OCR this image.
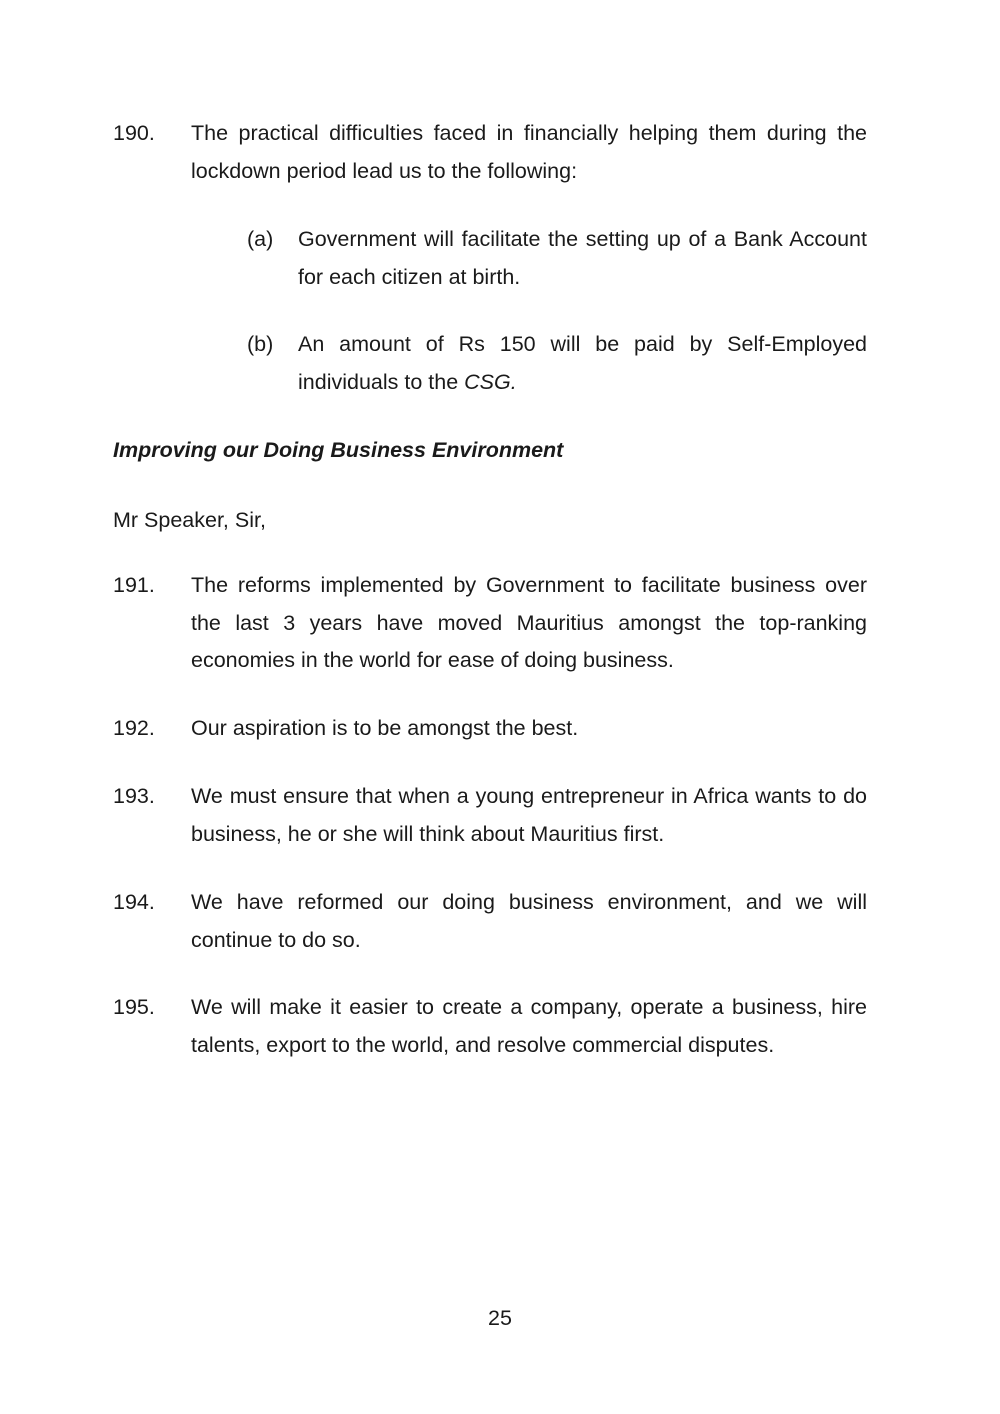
190. The practical difficulties faced in financially helping them during the lockdown period lead us to the following:
(a) Government will facilitate the setting up of a Bank Account for each citizen at birth.
(b) An amount of Rs 150 will be paid by Self-Employed individuals to the CSG.
Improving our Doing Business Environment
Mr Speaker, Sir,
191. The reforms implemented by Government to facilitate business over the last 3 years have moved Mauritius amongst the top-ranking economies in the world for ease of doing business.
192. Our aspiration is to be amongst the best.
193. We must ensure that when a young entrepreneur in Africa wants to do business, he or she will think about Mauritius first.
194. We have reformed our doing business environment, and we will continue to do so.
195. We will make it easier to create a company, operate a business, hire talents, export to the world, and resolve commercial disputes.
25
